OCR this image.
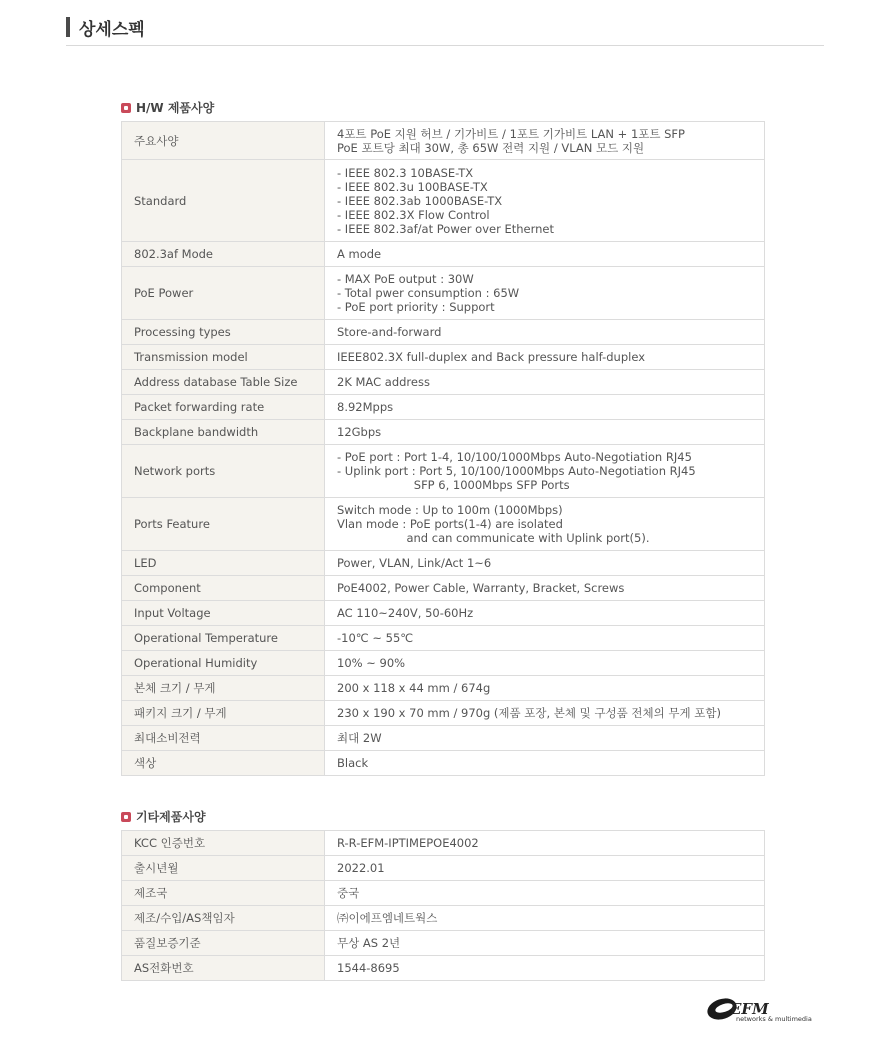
상세스펙
H/W 제품사양
주요사양	4포트 PoE 지원 허브 / 기가비트 / 1포트 기가비트 LAN + 1포트 SFP
PoE 포트당 최대 30W, 총 65W 전력 지원 / VLAN 모드 지원
Standard	- IEEE 802.3 10BASE-TX
- IEEE 802.3u 100BASE-TX
- IEEE 802.3ab 1000BASE-TX
- IEEE 802.3X Flow Control
- IEEE 802.3af/at Power over Ethernet
802.3af Mode	A mode
PoE Power	- MAX PoE output : 30W
- Total pwer consumption : 65W
- PoE port priority : Support
Processing types	Store-and-forward
Transmission model	IEEE802.3X full-duplex and Back pressure half-duplex
Address database Table Size	2K MAC address
Packet forwarding rate	8.92Mpps
Backplane bandwidth	12Gbps
Network ports	- PoE port : Port 1-4, 10/100/1000Mbps Auto-Negotiation RJ45
- Uplink port : Port 5, 10/100/1000Mbps Auto-Negotiation RJ45
SFP 6, 1000Mbps SFP Ports
Ports Feature	Switch mode : Up to 100m (1000Mbps)
Vlan mode : PoE ports(1-4) are isolated
and can communicate with Uplink port(5).
LED	Power, VLAN, Link/Act 1~6
Component	PoE4002, Power Cable, Warranty, Bracket, Screws
Input Voltage	AC 110~240V, 50-60Hz
Operational Temperature	-10℃ ~ 55℃
Operational Humidity	10% ~ 90%
본체 크기 / 무게	200 x 118 x 44 mm / 674g
패키지 크기 / 무게	230 x 190 x 70 mm / 970g (제품 포장, 본체 및 구성품 전체의 무게 포함)
최대소비전력	최대 2W
색상	Black
기타제품사양
KCC 인증번호	R-R-EFM-IPTIMEPOE4002
출시년월	2022.01
제조국	중국
제조/수입/AS책임자	㈜이에프엠네트웍스
품질보증기준	무상 AS 2년
AS전화번호	1544-8695
EFM
networks & multimedia
